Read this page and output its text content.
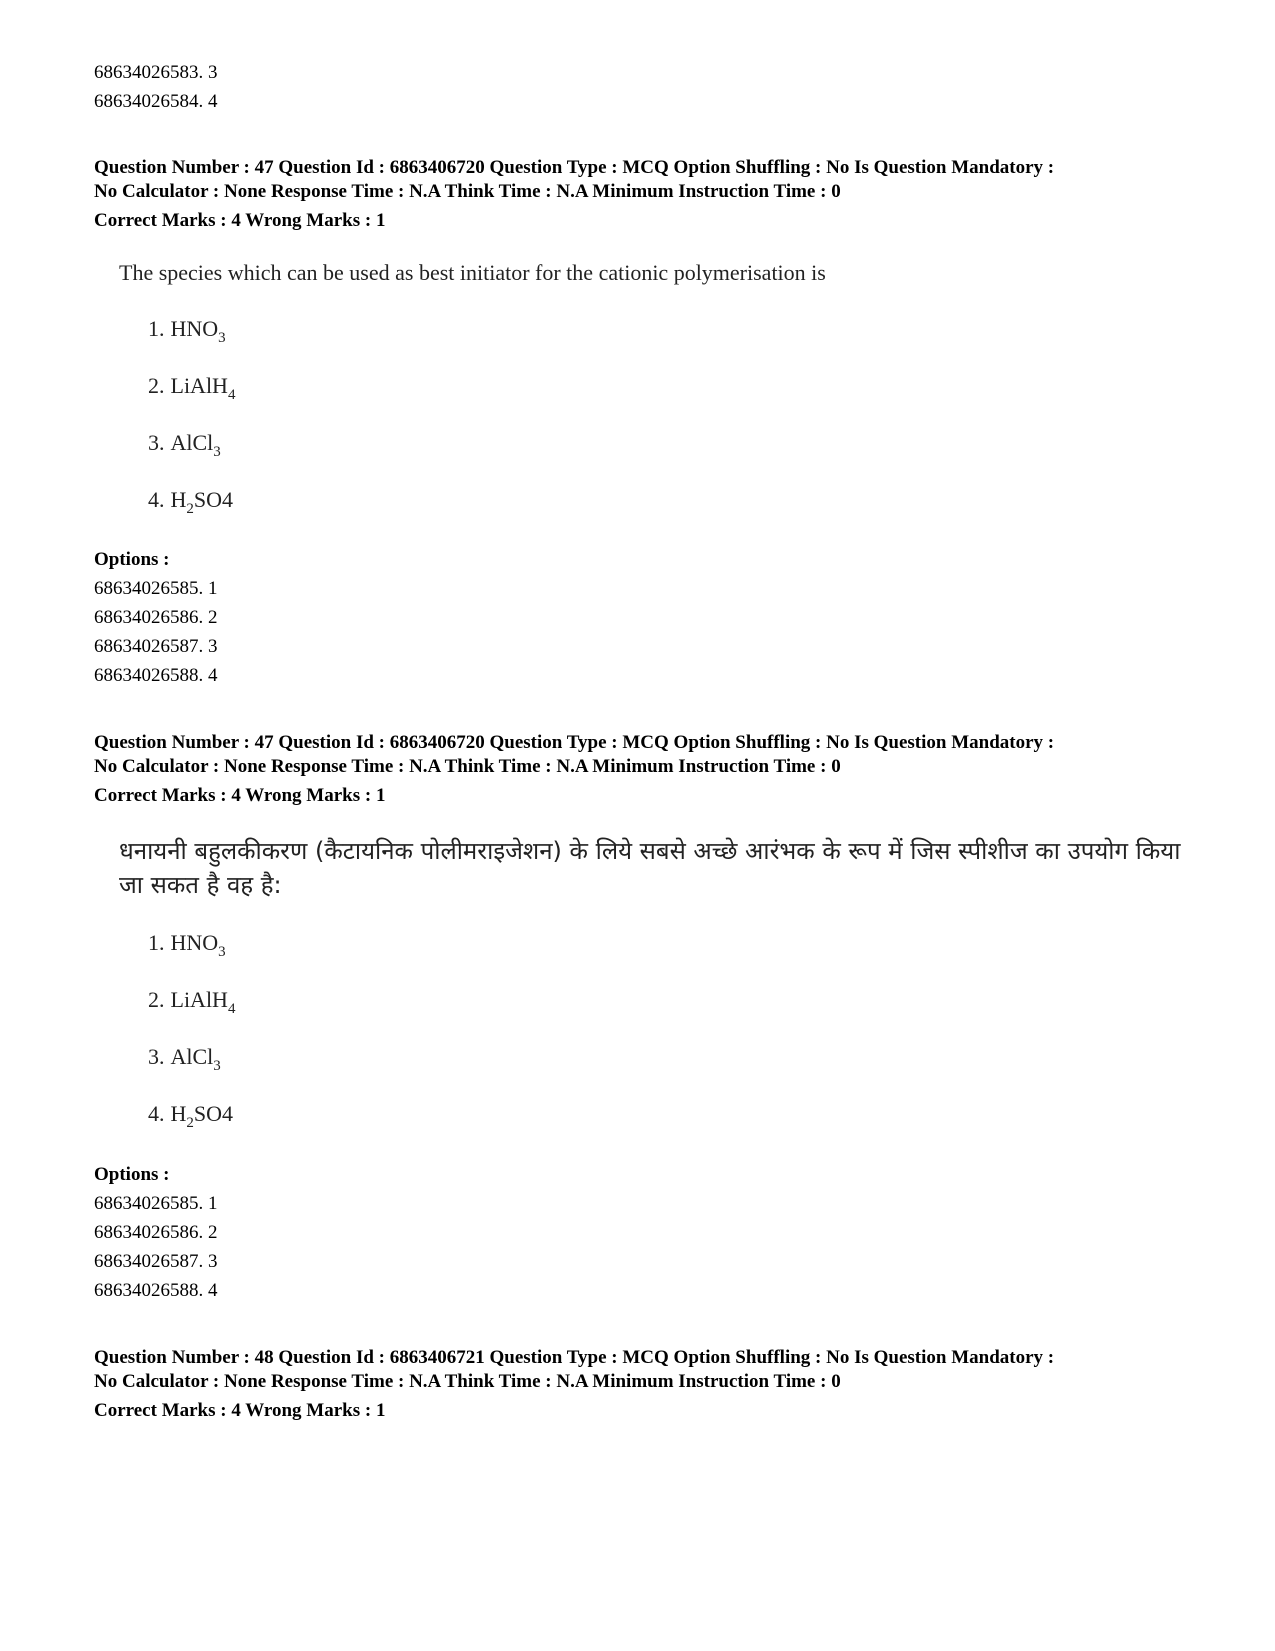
68634026583. 3
68634026584. 4
Question Number : 47 Question Id : 6863406720 Question Type : MCQ Option Shuffling : No Is Question Mandatory :
No Calculator : None Response Time : N.A Think Time : N.A Minimum Instruction Time : 0
Correct Marks : 4 Wrong Marks : 1
The species which can be used as best initiator for the cationic polymerisation is
1. $HNO_3$
2. LiAlH$_4$
3. AlCl$_3$
4. $H_2SO4$
Options :
68634026585. 1
68634026586. 2
68634026587. 3
68634026588. 4
Question Number : 47 Question Id : 6863406720 Question Type : MCQ Option Shuffling : No Is Question Mandatory :
No Calculator : None Response Time : N.A Think Time : N.A Minimum Instruction Time : 0
Correct Marks : 4 Wrong Marks : 1
धनायनी बहुलकीकरण (कैटायनिक पोलीमराइजेशन) के लिये सबसे अच्छे आरंभक के रूप में जिस स्पीशीज का उपयोग किया जा सकत है वह है:
1. $HNO_3$
2. LiAlH$_4$
3. AlCl$_3$
4. $H_2SO4$
Options :
68634026585. 1
68634026586. 2
68634026587. 3
68634026588. 4
Question Number : 48 Question Id : 6863406721 Question Type : MCQ Option Shuffling : No Is Question Mandatory :
No Calculator : None Response Time : N.A Think Time : N.A Minimum Instruction Time : 0
Correct Marks : 4 Wrong Marks : 1
